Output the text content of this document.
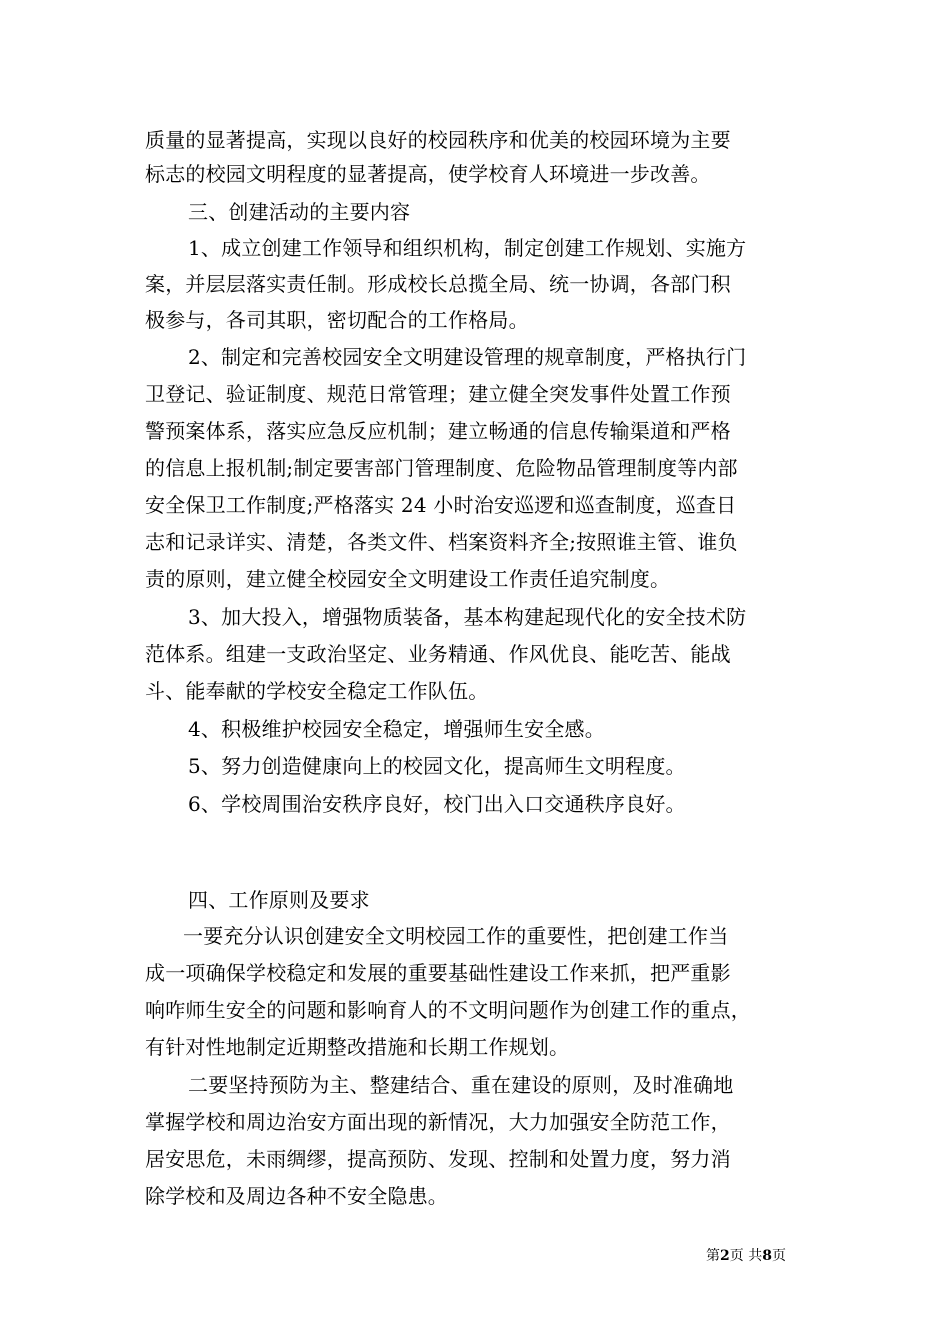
质量的显著提高，实现以良好的校园秩序和优美的校园环境为主要
标志的校园文明程度的显著提高，使学校育人环境进一步改善。
三、创建活动的主要内容
1、成立创建工作领导和组织机构，制定创建工作规划、实施方
案，并层层落实责任制。形成校长总揽全局、统一协调，各部门积
极参与，各司其职，密切配合的工作格局。
2、制定和完善校园安全文明建设管理的规章制度，严格执行门
卫登记、验证制度、规范日常管理；建立健全突发事件处置工作预
警预案体系，落实应急反应机制；建立畅通的信息传输渠道和严格
的信息上报机制;制定要害部门管理制度、危险物品管理制度等内部
安全保卫工作制度;严格落实 24 小时治安巡逻和巡查制度，巡查日
志和记录详实、清楚，各类文件、档案资料齐全;按照谁主管、谁负
责的原则，建立健全校园安全文明建设工作责任追究制度。
3、加大投入，增强物质装备，基本构建起现代化的安全技术防
范体系。组建一支政治坚定、业务精通、作风优良、能吃苦、能战
斗、能奉献的学校安全稳定工作队伍。
4、积极维护校园安全稳定，增强师生安全感。
5、努力创造健康向上的校园文化，提高师生文明程度。
6、学校周围治安秩序良好，校门出入口交通秩序良好。
四、工作原则及要求
一要充分认识创建安全文明校园工作的重要性，把创建工作当
成一项确保学校稳定和发展的重要基础性建设工作来抓，把严重影
响咋师生安全的问题和影响育人的不文明问题作为创建工作的重点，
有针对性地制定近期整改措施和长期工作规划。
二要坚持预防为主、整建结合、重在建设的原则，及时准确地
掌握学校和周边治安方面出现的新情况，大力加强安全防范工作，
居安思危，未雨绸缪，提高预防、发现、控制和处置力度，努力消
除学校和及周边各种不安全隐患。
第2页 共8页
